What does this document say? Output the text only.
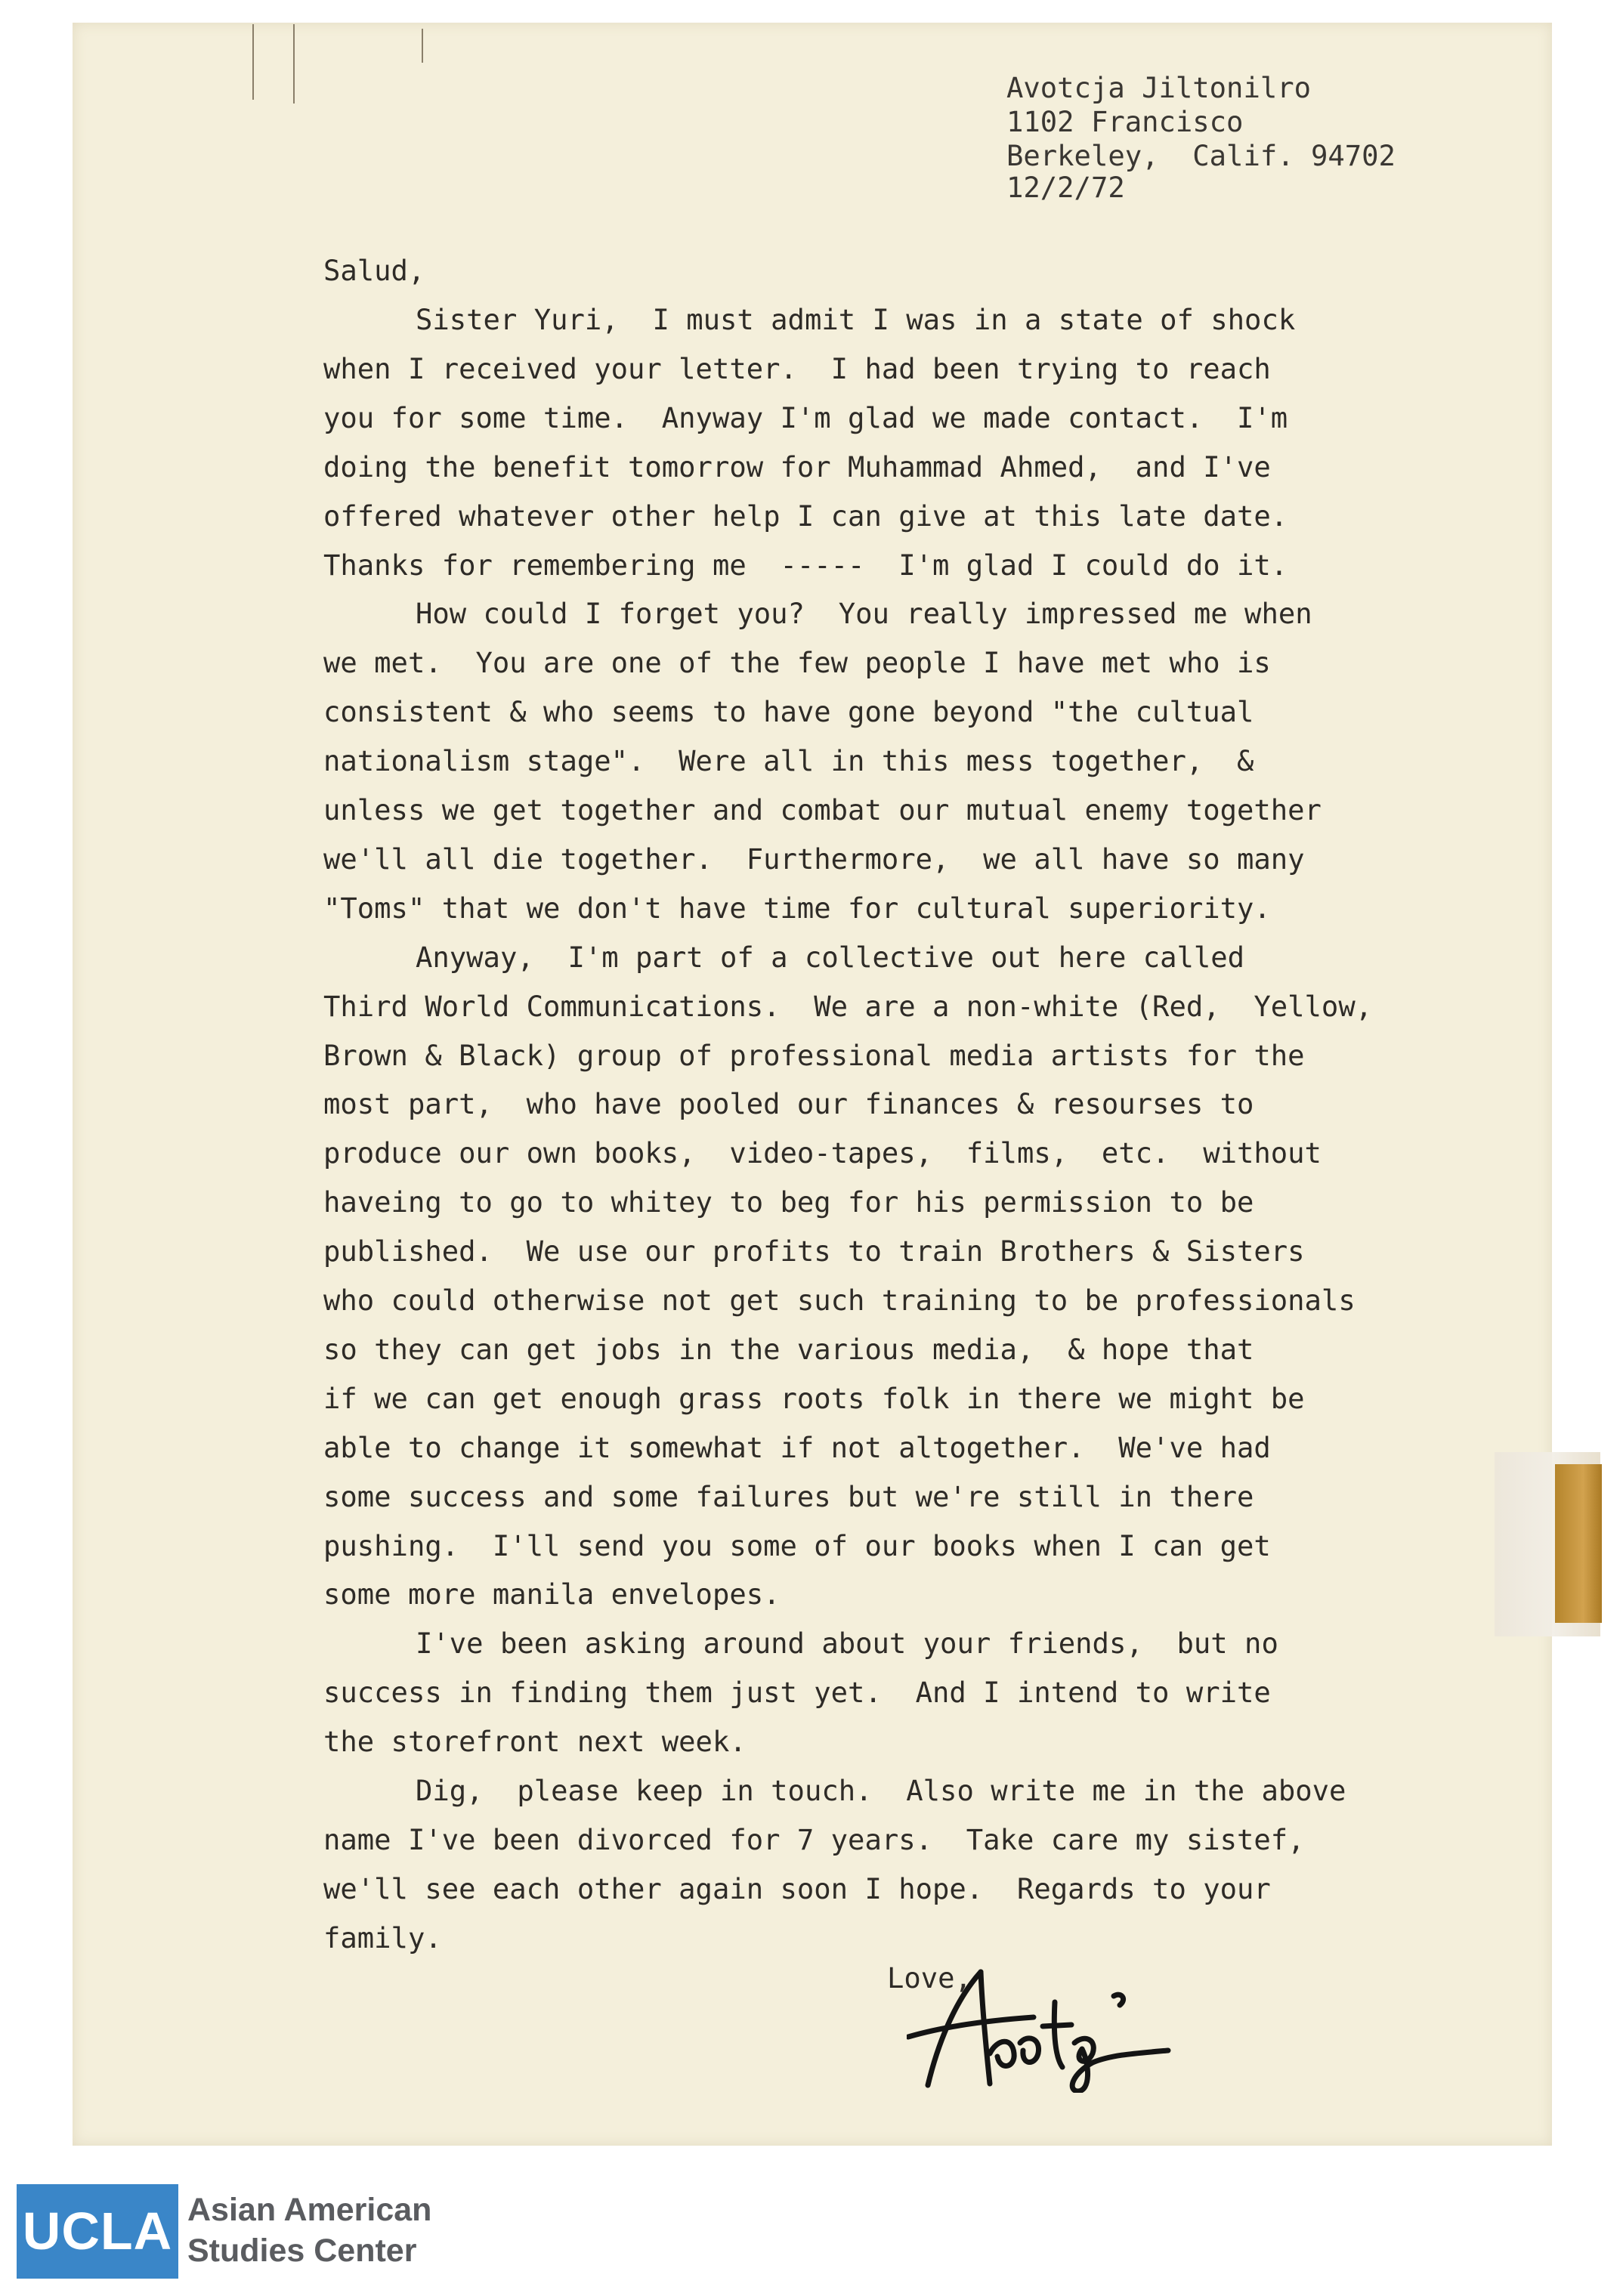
Avotcja Jiltonilro
1102 Francisco
Berkeley,  Calif. 94702
12/2/72
Salud,
Sister Yuri,  I must admit I was in a state of shock
when I received your letter.  I had been trying to reach
you for some time.  Anyway I'm glad we made contact.  I'm
doing the benefit tomorrow for Muhammad Ahmed,  and I've
offered whatever other help I can give at this late date.
Thanks for remembering me  -----  I'm glad I could do it.
How could I forget you?  You really impressed me when
we met.  You are one of the few people I have met who is
consistent & who seems to have gone beyond "the cultual
nationalism stage".  Were all in this mess together,  &
unless we get together and combat our mutual enemy together
we'll all die together.  Furthermore,  we all have so many
"Toms" that we don't have time for cultural superiority.
Anyway,  I'm part of a collective out here called
Third World Communications.  We are a non-white (Red,  Yellow,
Brown & Black) group of professional media artists for the
most part,  who have pooled our finances & resourses to
produce our own books,  video-tapes,  films,  etc.  without
haveing to go to whitey to beg for his permission to be
published.  We use our profits to train Brothers & Sisters
who could otherwise not get such training to be professionals
so they can get jobs in the various media,  & hope that
if we can get enough grass roots folk in there we might be
able to change it somewhat if not altogether.  We've had
some success and some failures but we're still in there
pushing.  I'll send you some of our books when I can get
some more manila envelopes.
I've been asking around about your friends,  but no
success in finding them just yet.  And I intend to write
the storefront next week.
Dig,  please keep in touch.  Also write me in the above
name I've been divorced for 7 years.  Take care my sistef,
we'll see each other again soon I hope.  Regards to your
family.
Love,
UCLA Asian American
Studies Center
